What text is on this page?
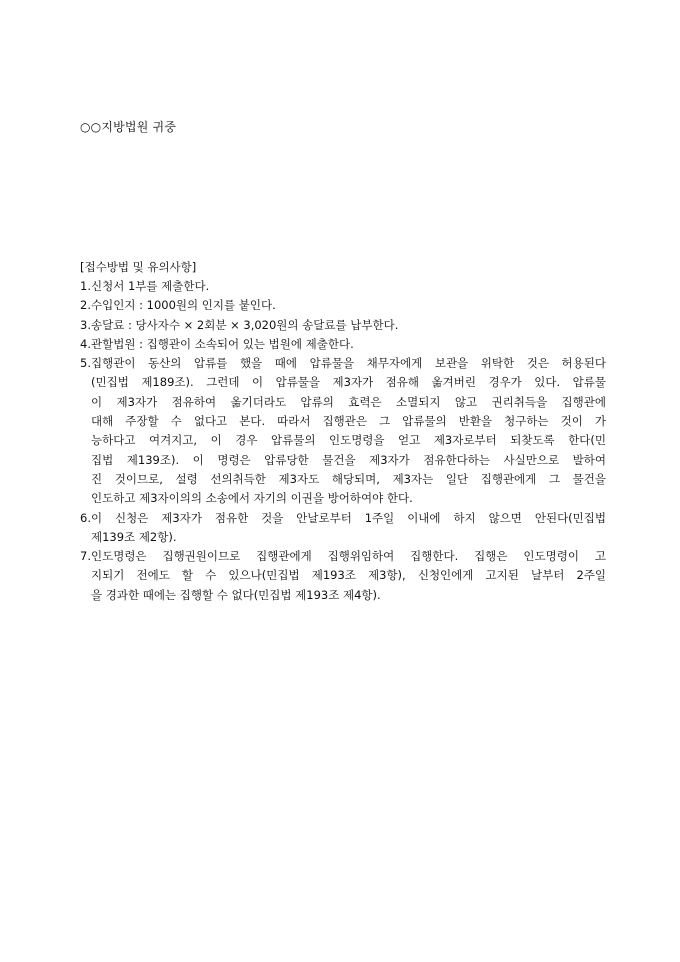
○○지방법원 귀중
[접수방법 및 유의사항]
1. 신청서 1부를 제출한다.
2. 수입인지 : 1000원의 인지를 붙인다.
3. 송달료 : 당사자수 × 2회분 × 3,020원의 송달료를 납부한다.
4. 관할법원 : 집행관이 소속되어 있는 법원에 제출한다.
5. 집행관이 동산의 압류를 했을 때에 압류물을 채무자에게 보관을 위탁한 것은 허용된다
(민집법 제189조). 그런데 이 압류물을 제3자가 점유해 옮겨버린 경우가 있다. 압류물
이 제3자가 점유하여 옮기더라도 압류의 효력은 소멸되지 않고 권리취득을 집행관에
대해 주장할 수 없다고 본다. 따라서 집행관은 그 압류물의 반환을 청구하는 것이 가
능하다고 여겨지고, 이 경우 압류물의 인도명령을 얻고 제3자로부터 되찾도록 한다(민
집법 제139조). 이 명령은 압류당한 물건을 제3자가 점유한다하는 사실만으로 발하여
진 것이므로, 설령 선의취득한 제3자도 해당되며, 제3자는 일단 집행관에게 그 물건을
인도하고 제3자이의의 소송에서 자기의 이권을 방어하여야 한다.
6. 이 신청은 제3자가 점유한 것을 안날로부터 1주일 이내에 하지 않으면 안된다(민집법
제139조 제2항).
7. 인도명령은 집행권원이므로 집행관에게 집행위임하여 집행한다. 집행은 인도명령이 고
지되기 전에도 할 수 있으나(민집법 제193조 제3항), 신청인에게 고지된 날부터 2주일
을 경과한 때에는 집행할 수 없다(민집법 제193조 제4항).
